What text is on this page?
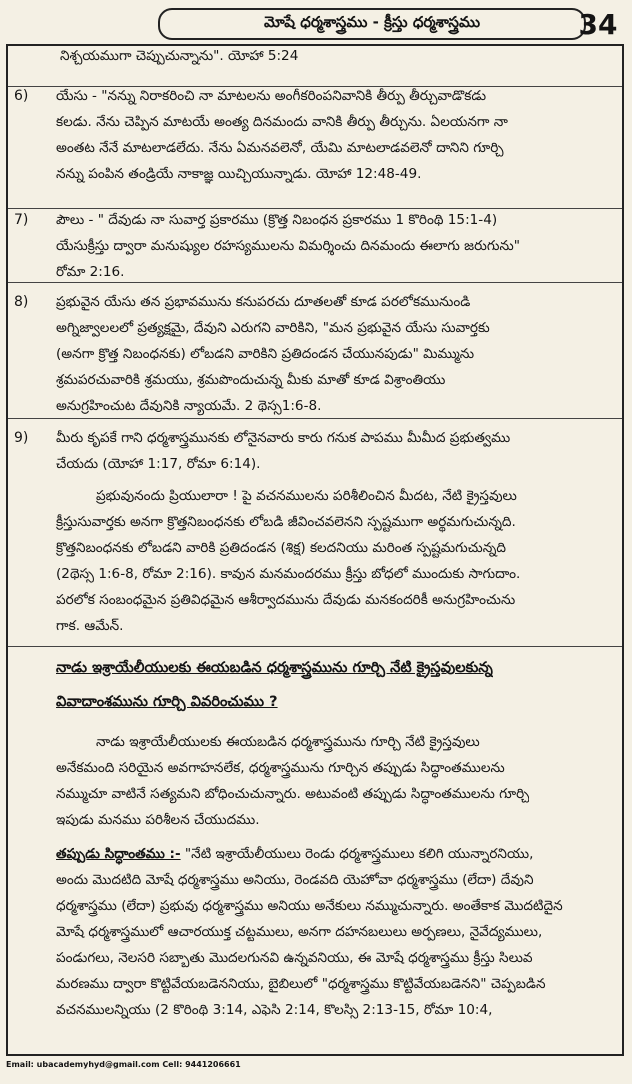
మోషే ధర్మశాస్త్రము - క్రీస్తు ధర్మశాస్త్రము	34
నిశ్చయముగా చెప్పుచున్నాను". యోహా 5:24
6)	యేసు - "నన్ను నిరాకరించి నా మాటలను అంగీకరింపనివానికి తీర్పు తీర్చువాడొకడు
కలడు. నేను చెప్పిన మాటయే అంత్య దినమందు వానికి తీర్పు తీర్చును. ఏలయనగా నా
అంతట నేనే మాటలాడలేదు. నేను ఏమనవలెనో, యేమి మాటలాడవలెనో దానిని గూర్చి
నన్ను పంపిన తండ్రియే నాకాజ్ఞ యిచ్చియున్నాడు. యోహా 12:48-49.
7)	పౌలు - " దేవుడు నా సువార్త ప్రకారము (క్రొత్త నిబంధన ప్రకారము 1 కొరింథి 15:1-4)
యేసుక్రీస్తు ద్వారా మనుష్యుల రహస్యములను విమర్శించు దినమందు ఈలాగు జరుగును"
రోమా 2:16.
8)	ప్రభువైన యేసు తన ప్రభావమును కనుపరచు దూతలతో కూడ పరలోకమునుండి
అగ్నిజ్వాలలలో ప్రత్యక్షమై, దేవుని ఎరుగని వారికిని, "మన ప్రభువైన యేసు సువార్తకు
(అనగా క్రొత్త నిబంధనకు) లోబడని వారికిని ప్రతిదండన చేయునపుడు" మిమ్మును
శ్రమపరచువారికి శ్రమయు, శ్రమపొందుచున్న మీకు మాతో కూడ విశ్రాంతియు
అనుగ్రహించుట దేవునికి న్యాయమే. 2 థెస్స1:6-8.
9)	మీరు కృపకే గాని ధర్మశాస్త్రమునకు లోనైనవారు కారు గనుక పాపము మీమీద ప్రభుత్వము
చేయదు (యోహా 1:17, రోమా 6:14).
ప్రభువునందు ప్రియులారా ! పై వచనములను పరిశీలించిన మీదట, నేటి క్రైస్తవులు
క్రీస్తుసువార్తకు అనగా క్రొత్తనిబంధనకు లోబడి జీవించవలెనని స్పష్టముగా అర్థమగుచున్నది.
క్రొత్తనిబంధనకు లోబడని వారికి ప్రతిదండన (శిక్ష) కలదనియు మరింత స్పష్టమగుచున్నది
(2థెస్స 1:6-8, రోమా 2:16). కావున మనమందరము క్రీస్తు బోధలో ముందుకు సాగుదాం.
పరలోక సంబంధమైన ప్రతివిధమైన ఆశీర్వాదమును దేవుడు మనకందరికీ అనుగ్రహించును
గాక. ఆమేన్.
నాడు ఇశ్రాయేలీయులకు ఈయబడిన ధర్మశాస్త్రమును గూర్చి నేటి క్రైస్తవులకున్న
వివాదాంశమును గూర్చి వివరించుము ?
నాడు ఇశ్రాయేలీయులకు ఈయబడిన ధర్మశాస్త్రమును గూర్చి నేటి క్రైస్తవులు
అనేకమంది సరియైన అవగాహనలేక, ధర్మశాస్త్రమును గూర్చిన తప్పుడు సిద్ధాంతములను
నమ్ముచూ వాటినే సత్యమని బోధించుచున్నారు. అటువంటి తప్పుడు సిద్ధాంతములను గూర్చి
ఇపుడు మనము పరిశీలన చేయుదము.
తప్పుడు సిద్ధాంతము :- "నేటి ఇశ్రాయేలీయులు రెండు ధర్మశాస్త్రములు కలిగి యున్నారనియు,
అందు మొదటిది మోషే ధర్మశాస్త్రము అనియు, రెండవది యెహోవా ధర్మశాస్త్రము (లేదా) దేవుని
ధర్మశాస్త్రము (లేదా) ప్రభువు ధర్మశాస్త్రము అనియు అనేకులు నమ్ముచున్నారు. అంతేకాక మొదటిదైన
మోషే ధర్మశాస్త్రములో ఆచారయుక్త చట్టములు, అనగా దహనబలులు అర్పణలు, నైవేద్యములు,
పండుగలు, నెలసరి సబ్బాతు మొదలగునవి ఉన్నవనియు, ఈ మోషే ధర్మశాస్త్రము క్రీస్తు సిలువ
మరణము ద్వారా కొట్టివేయబడెననియు, బైబిలులో "ధర్మశాస్త్రము కొట్టివేయబడెనని" చెప్పబడిన
వచనములన్నియు (2 కొరింథి 3:14, ఎఫెసి 2:14, కొలస్సి 2:13-15, రోమా 10:4,
Email: ubacademyhyd@gmail.com Cell: 9441206661
